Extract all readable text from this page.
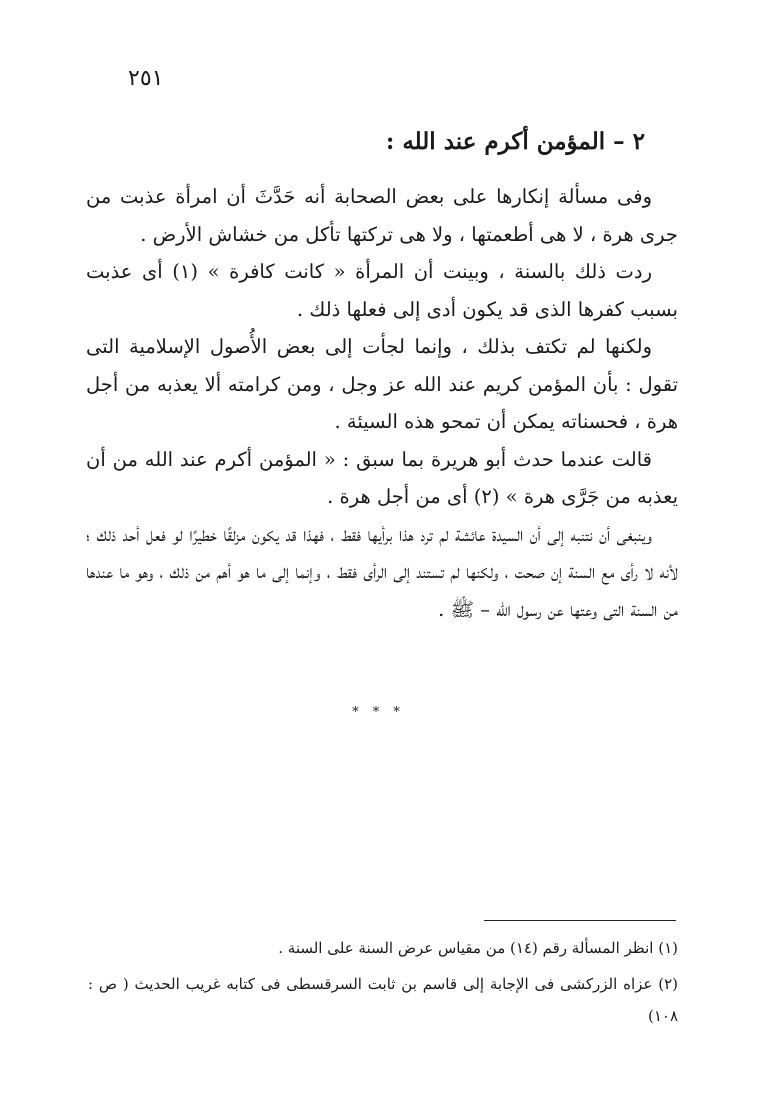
٢٥١
٢ – المؤمن أكرم عند الله :

وفى مسألة إنكارها على بعض الصحابة أنه حَدَّثَ أن امرأة عذبت من جرى هرة ، لا هى أطعمتها ، ولا هى تركتها تأكل من خشاش الأرض .

ردت ذلك بالسنة ، وبينت أن المرأة « كانت كافرة » (١) أى عذبت بسبب كفرها الذى قد يكون أدى إلى فعلها ذلك .

ولكنها لم تكتف بذلك ، وإنما لجأت إلى بعض الأُصول الإسلامية التى تقول : بأن المؤمن كريم عند الله عز وجل ، ومن كرامته ألا يعذبه من أجل هرة ، فحسناته يمكن أن تمحو هذه السيئة .

قالت عندما حدث أبو هريرة بما سبق : « المؤمن أكرم عند الله من أن يعذبه من جَرَّى هرة » (٢) أى من أجل هرة .

وينبغى أن نتنبه إلى أن السيدة عائشة لم ترد هذا برأيها فقط ، فهذا قد يكون مزلقًا خطيرًا لو فعل أحد ذلك ؛ لأنه لا رأى مع السنة إن صحت ، ولكنها لم تستند إلى الرأى فقط ، وإنما إلى ما هو أهم من ذلك ، وهو ما عندها من السنة التى وعتها عن رسول الله – ﷺ .

* * *

(١) انظر المسألة رقم (١٤) من مقياس عرض السنة على السنة .

(٢) عزاه الزركشى فى الإجابة إلى قاسم بن ثابت السرقسطى فى كتابه غريب الحديث ( ص : ١٠٨)
